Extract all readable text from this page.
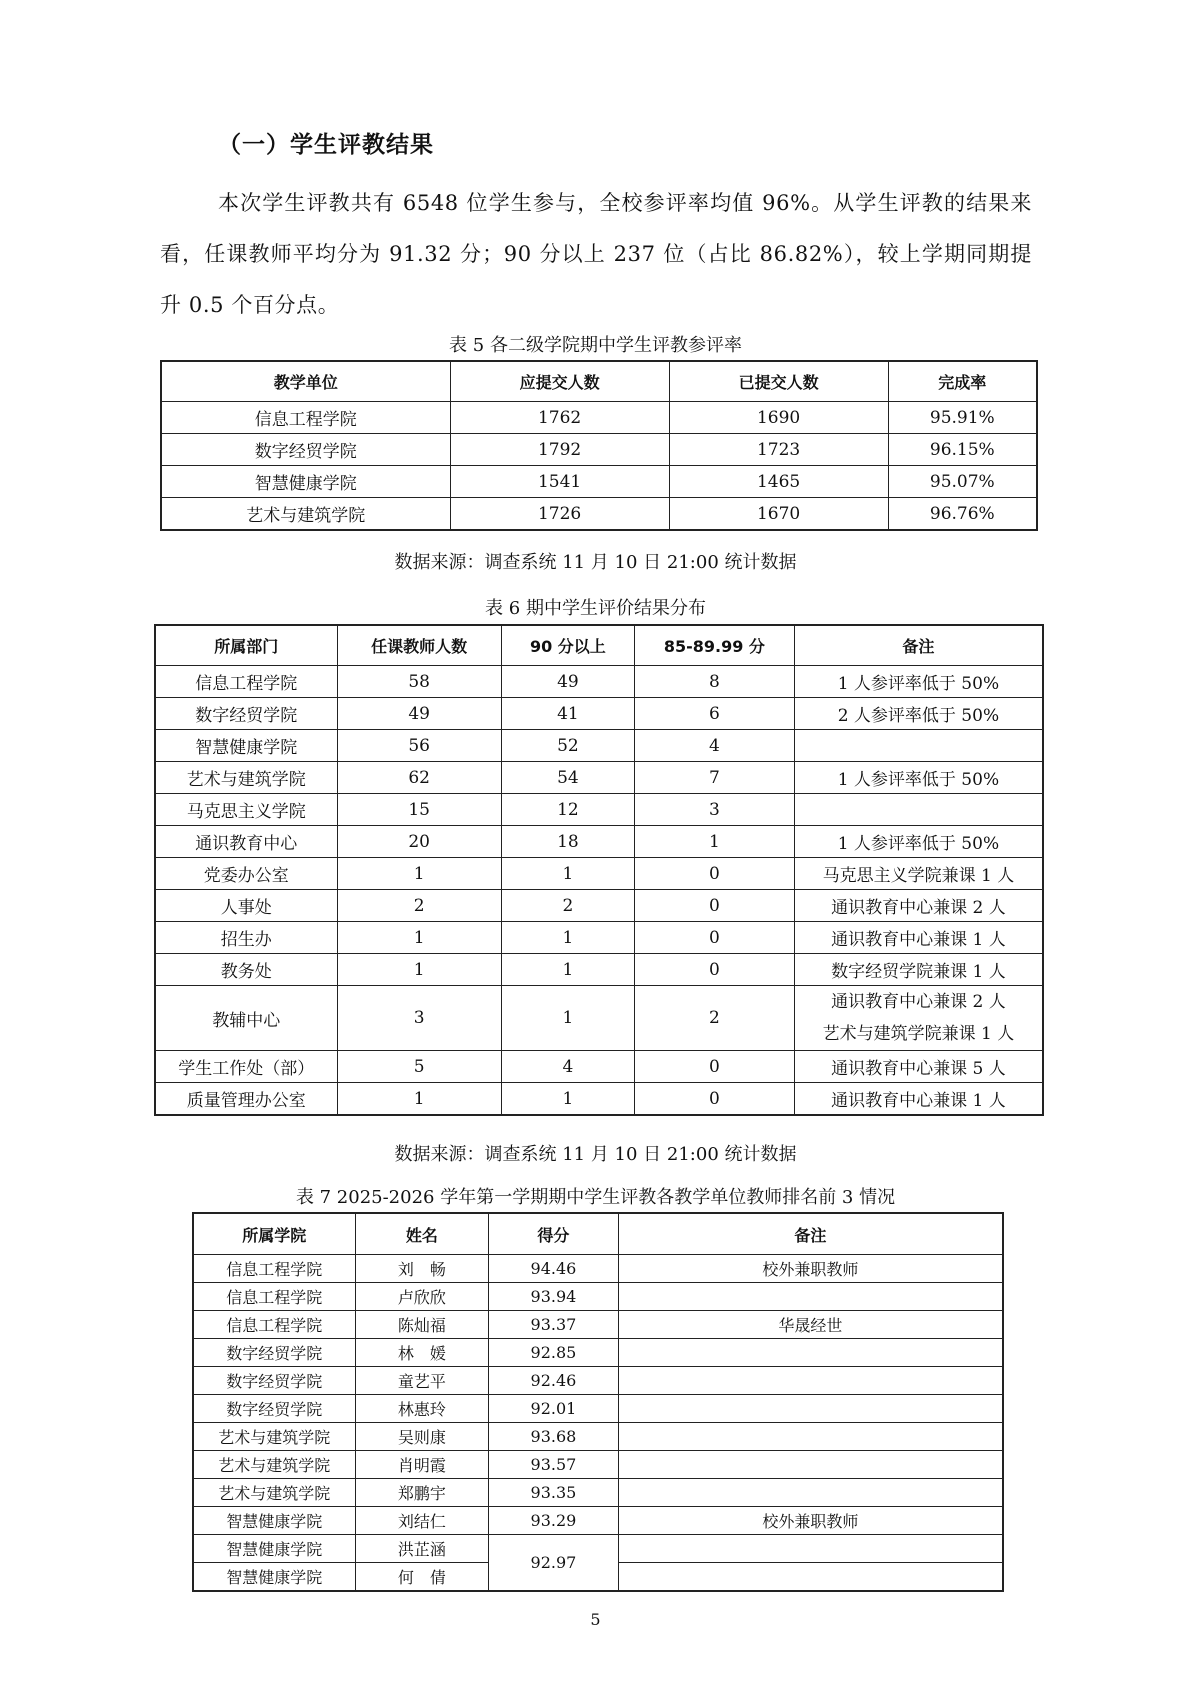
（一）学生评教结果
本次学生评教共有 6548 位学生参与，全校参评率均值 96%。从学生评教的结果来看，任课教师平均分为 91.32 分；90 分以上 237 位（占比 86.82%），较上学期同期提升 0.5 个百分点。
表 5 各二级学院期中学生评教参评率
教学单位	应提交人数	已提交人数	完成率
信息工程学院	1762	1690	95.91%
数字经贸学院	1792	1723	96.15%
智慧健康学院	1541	1465	95.07%
艺术与建筑学院	1726	1670	96.76%
数据来源：调查系统 11 月 10 日 21:00 统计数据
表 6 期中学生评价结果分布
所属部门	任课教师人数	90 分以上	85-89.99 分	备注
信息工程学院	58	49	8	1 人参评率低于 50%
数字经贸学院	49	41	6	2 人参评率低于 50%
智慧健康学院	56	52	4	
艺术与建筑学院	62	54	7	1 人参评率低于 50%
马克思主义学院	15	12	3	
通识教育中心	20	18	1	1 人参评率低于 50%
党委办公室	1	1	0	马克思主义学院兼课 1 人
人事处	2	2	0	通识教育中心兼课 2 人
招生办	1	1	0	通识教育中心兼课 1 人
教务处	1	1	0	数字经贸学院兼课 1 人
教辅中心	3	1	2	通识教育中心兼课 2 人
艺术与建筑学院兼课 1 人

学生工作处（部）	5	4	0	通识教育中心兼课 5 人
质量管理办公室	1	1	0	通识教育中心兼课 1 人
数据来源：调查系统 11 月 10 日 21:00 统计数据
表 7 2025-2026 学年第一学期期中学生评教各教学单位教师排名前 3 情况
所属学院	姓名	得分	备注
信息工程学院	刘　畅	94.46	校外兼职教师
信息工程学院	卢欣欣	93.94	
信息工程学院	陈灿福	93.37	华晟经世
数字经贸学院	林　媛	92.85	
数字经贸学院	童艺平	92.46	
数字经贸学院	林惠玲	92.01	
艺术与建筑学院	吴则康	93.68	
艺术与建筑学院	肖明霞	93.57	
艺术与建筑学院	郑鹏宇	93.35	
智慧健康学院	刘结仁	93.29	校外兼职教师
智慧健康学院	洪芷涵	92.97	
智慧健康学院	何　倩		
5
